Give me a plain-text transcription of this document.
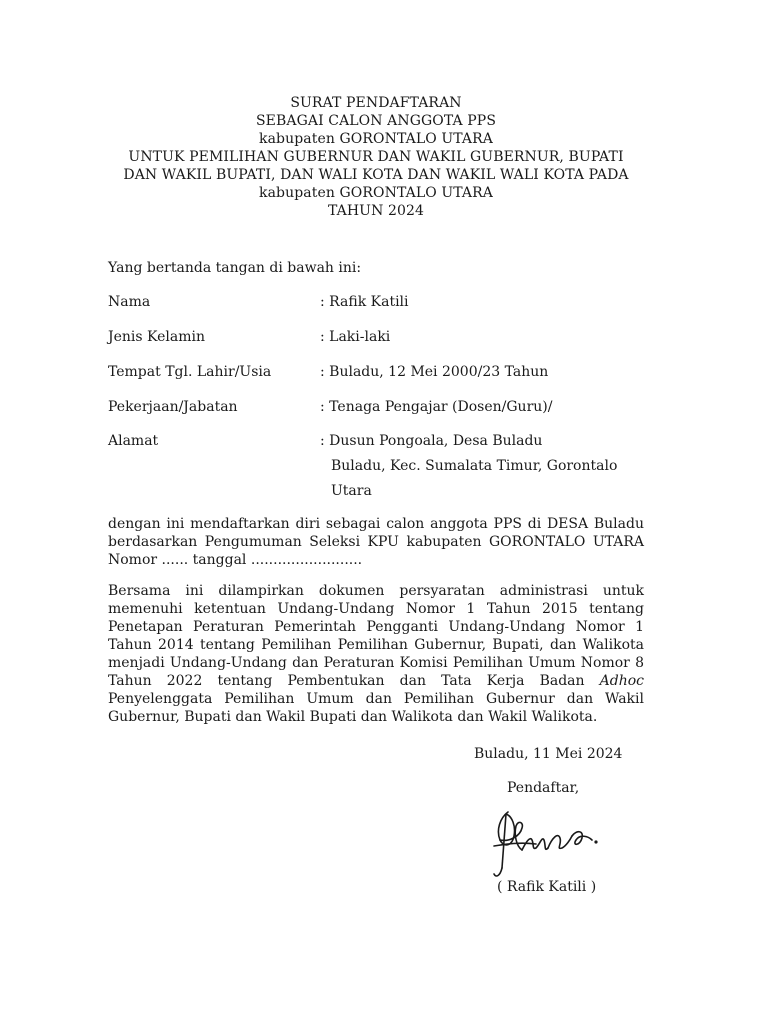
SURAT PENDAFTARAN
SEBAGAI CALON ANGGOTA PPS
kabupaten GORONTALO UTARA
UNTUK PEMILIHAN GUBERNUR DAN WAKIL GUBERNUR, BUPATI
DAN WAKIL BUPATI, DAN WALI KOTA DAN WAKIL WALI KOTA PADA
kabupaten GORONTALO UTARA
TAHUN 2024
Yang bertanda tangan di bawah ini:
Nama	: Rafik Katili
Jenis Kelamin	: Laki-laki
Tempat Tgl. Lahir/Usia	: Buladu, 12 Mei 2000/23 Tahun
Pekerjaan/Jabatan	: Tenaga Pengajar (Dosen/Guru)/
Alamat	: Dusun Pongoala, Desa Buladu
Buladu, Kec. Sumalata Timur, Gorontalo
Utara
dengan ini mendaftarkan diri sebagai calon anggota PPS di DESA Buladu
berdasarkan Pengumuman Seleksi KPU kabupaten GORONTALO UTARA
Nomor ...... tanggal .........................
Bersama ini dilampirkan dokumen persyaratan administrasi untuk
memenuhi ketentuan Undang-Undang Nomor 1 Tahun 2015 tentang
Penetapan Peraturan Pemerintah Pengganti Undang-Undang Nomor 1
Tahun 2014 tentang Pemilihan Pemilihan Gubernur, Bupati, dan Walikota
menjadi Undang-Undang dan Peraturan Komisi Pemilihan Umum Nomor 8
Tahun 2022 tentang Pembentukan dan Tata Kerja Badan Adhoc
Penyelenggata Pemilihan Umum dan Pemilihan Gubernur dan Wakil
Gubernur, Bupati dan Wakil Bupati dan Walikota dan Wakil Walikota.
Buladu, 11 Mei 2024
Pendaftar,
( Rafik Katili )
